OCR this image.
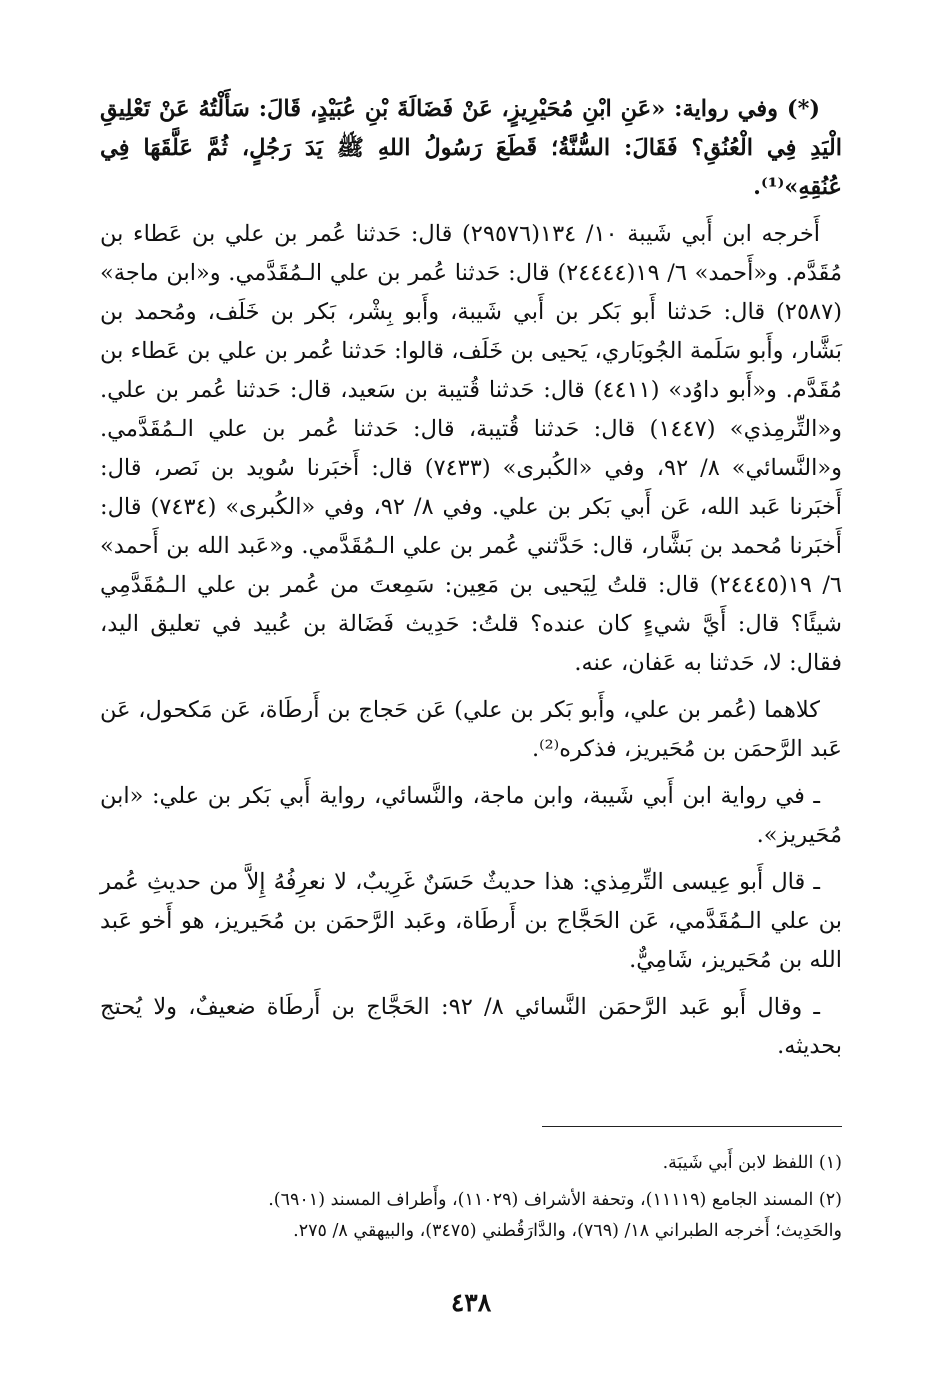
(*) وفي رواية: «عَنِ ابْنِ مُحَيْرِيزٍ، عَنْ فَضَالَةَ بْنِ عُبَيْدٍ، قَالَ: سَأَلْتُهُ عَنْ تَعْلِيقِ الْيَدِ فِي الْعُنُقِ؟ فَقَالَ: السُّنَّةُ؛ قَطَعَ رَسُولُ اللهِ ﷺ يَدَ رَجُلٍ، ثُمَّ عَلَّقَهَا فِي عُنُقِهِ»⁽¹⁾.

أَخرجه ابن أَبي شَيبة ١٠/ ١٣٤(٢٩٥٧٦) قال: حَدثنا عُمر بن علي بن عَطاء بن مُقَدَّم. و«أَحمد» ٦/ ١٩(٢٤٤٤٤) قال: حَدثنا عُمر بن علي الـمُقَدَّمي. و«ابن ماجة» (٢٥٨٧) قال: حَدثنا أَبو بَكر بن أَبي شَيبة، وأَبو بِشْر، بَكر بن خَلَف، ومُحمد بن بَشَّار، وأَبو سَلَمة الجُوبَاري، يَحيى بن خَلَف، قالوا: حَدثنا عُمر بن علي بن عَطاء بن مُقَدَّم. و«أَبو داوُد» (٤٤١١) قال: حَدثنا قُتيبة بن سَعيد، قال: حَدثنا عُمر بن علي. و«التِّرمِذي» (١٤٤٧) قال: حَدثنا قُتيبة، قال: حَدثنا عُمر بن علي الـمُقَدَّمي. و«النَّسائي» ٨/ ٩٢، وفي «الكُبرى» (٧٤٣٣) قال: أَخبَرنا سُويد بن نَصر، قال: أَخبَرنا عَبد الله، عَن أَبي بَكر بن علي. وفي ٨/ ٩٢، وفي «الكُبرى» (٧٤٣٤) قال: أَخبَرنا مُحمد بن بَشَّار، قال: حَدَّثني عُمر بن علي الـمُقَدَّمي. و«عَبد الله بن أَحمد» ٦/ ١٩(٢٤٤٤٥) قال: قلتُ لِيَحيى بن مَعِين: سَمِعتَ من عُمر بن علي الـمُقَدَّمِي شيئًا؟ قال: أَيَّ شيءٍ كان عنده؟ قلتُ: حَدِيث فَضَالة بن عُبيد في تعليق اليد، فقال: لا، حَدثنا به عَفان، عنه.

كلاهما (عُمر بن علي، وأَبو بَكر بن علي) عَن حَجاج بن أَرطَاة، عَن مَكحول، عَن عَبد الرَّحمَن بن مُحَيريز، فذكره⁽²⁾.

ـ في رواية ابن أَبي شَيبة، وابن ماجة، والنَّسائي، رواية أَبي بَكر بن علي: «ابن مُحَيريز».

ـ قال أَبو عِيسى التِّرمِذي: هذا حديثٌ حَسَنٌ غَرِيبٌ، لا نعرِفُهُ إِلاَّ من حديثِ عُمر بن علي الـمُقَدَّمي، عَن الحَجَّاج بن أَرطَاة، وعَبد الرَّحمَن بن مُحَيريز، هو أَخو عَبد الله بن مُحَيريز، شَامِيٌّ.

ـ وقال أَبو عَبد الرَّحمَن النَّسائي ٨/ ٩٢: الحَجَّاج بن أَرطَاة ضعيفٌ، ولا يُحتج بحديثه.

(١) اللفظ لابن أَبي شَيبَة.

(٢) المسند الجامع (١١١١٩)، وتحفة الأشراف (١١٠٢٩)، وأَطراف المسند (٦٩٠١).

والحَدِيث؛ أَخرجه الطبراني ١٨/ (٧٦٩)، والدَّارَقُطني (٣٤٧٥)، والبيهقي ٨/ ٢٧٥.

٤٣٨
